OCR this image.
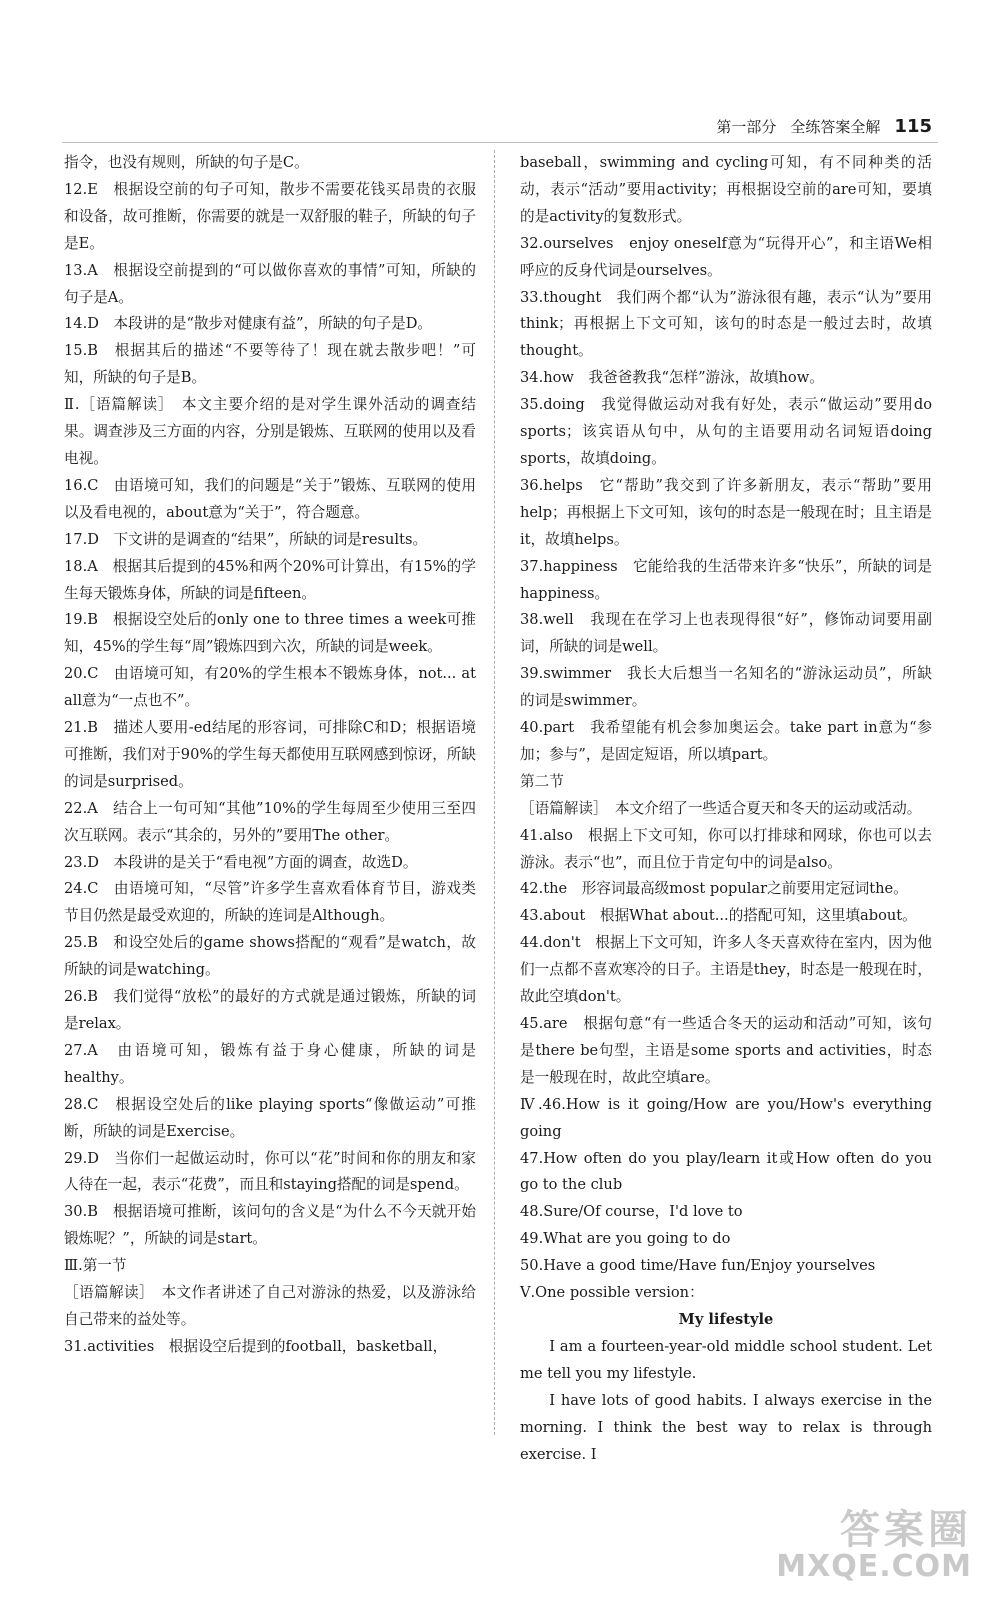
第一部分 全练答案全解 115
指令，也没有规则，所缺的句子是C。
12.E　根据设空前的句子可知，散步不需要花钱买昂贵的衣服和设备，故可推断，你需要的就是一双舒服的鞋子，所缺的句子是E。
13.A　根据设空前提到的“可以做你喜欢的事情”可知，所缺的句子是A。
14.D　本段讲的是“散步对健康有益”，所缺的句子是D。
15.B　根据其后的描述“不要等待了！现在就去散步吧！”可知，所缺的句子是B。
Ⅱ.［语篇解读］　本文主要介绍的是对学生课外活动的调查结果。调查涉及三方面的内容，分别是锻炼、互联网的使用以及看电视。
16.C　由语境可知，我们的问题是“关于”锻炼、互联网的使用以及看电视的，about意为“关于”，符合题意。
17.D　下文讲的是调查的“结果”，所缺的词是results。
18.A　根据其后提到的45%和两个20%可计算出，有15%的学生每天锻炼身体，所缺的词是fifteen。
19.B　根据设空处后的only one to three times a week可推知，45%的学生每“周”锻炼四到六次，所缺的词是week。
20.C　由语境可知，有20%的学生根本不锻炼身体，not... at all意为“一点也不”。
21.B　描述人要用-ed结尾的形容词，可排除C和D；根据语境可推断，我们对于90%的学生每天都使用互联网感到惊讶，所缺的词是surprised。
22.A　结合上一句可知“其他”10%的学生每周至少使用三至四次互联网。表示“其余的，另外的”要用The other。
23.D　本段讲的是关于“看电视”方面的调查，故选D。
24.C　由语境可知，“尽管”许多学生喜欢看体育节目，游戏类节目仍然是最受欢迎的，所缺的连词是Although。
25.B　和设空处后的game shows搭配的“观看”是watch，故所缺的词是watching。
26.B　我们觉得“放松”的最好的方式就是通过锻炼，所缺的词是relax。
27.A　由语境可知，锻炼有益于身心健康，所缺的词是healthy。
28.C　根据设空处后的like playing sports“像做运动”可推断，所缺的词是Exercise。
29.D　当你们一起做运动时，你可以“花”时间和你的朋友和家人待在一起，表示“花费”，而且和staying搭配的词是spend。
30.B　根据语境可推断，该问句的含义是“为什么不今天就开始锻炼呢？”，所缺的词是start。
Ⅲ.第一节
［语篇解读］　本文作者讲述了自己对游泳的热爱，以及游泳给自己带来的益处等。
31.activities　根据设空后提到的football，basketball，
baseball，swimming and cycling可知，有不同种类的活动，表示“活动”要用activity；再根据设空前的are可知，要填的是activity的复数形式。
32.ourselves　enjoy oneself意为“玩得开心”，和主语We相呼应的反身代词是ourselves。
33.thought　我们两个都“认为”游泳很有趣，表示“认为”要用think；再根据上下文可知，该句的时态是一般过去时，故填thought。
34.how　我爸爸教我“怎样”游泳，故填how。
35.doing　我觉得做运动对我有好处，表示“做运动”要用do sports；该宾语从句中，从句的主语要用动名词短语doing sports，故填doing。
36.helps　它“帮助”我交到了许多新朋友，表示“帮助”要用help；再根据上下文可知，该句的时态是一般现在时；且主语是it，故填helps。
37.happiness　它能给我的生活带来许多“快乐”，所缺的词是happiness。
38.well　我现在在学习上也表现得很“好”，修饰动词要用副词，所缺的词是well。
39.swimmer　我长大后想当一名知名的“游泳运动员”，所缺的词是swimmer。
40.part　我希望能有机会参加奥运会。take part in意为“参加；参与”，是固定短语，所以填part。
第二节
［语篇解读］　本文介绍了一些适合夏天和冬天的运动或活动。
41.also　根据上下文可知，你可以打排球和网球，你也可以去游泳。表示“也”，而且位于肯定句中的词是also。
42.the　形容词最高级most popular之前要用定冠词the。
43.about　根据What about...的搭配可知，这里填about。
44.don't　根据上下文可知，许多人冬天喜欢待在室内，因为他们一点都不喜欢寒冷的日子。主语是they，时态是一般现在时，故此空填don't。
45.are　根据句意“有一些适合冬天的运动和活动”可知，该句是there be句型，主语是some sports and activities，时态是一般现在时，故此空填are。
Ⅳ.46.How is it going/How are you/How's everything going
47.How often do you play/learn it或How often do you go to the club
48.Sure/Of course，I'd love to
49.What are you going to do
50.Have a good time/Have fun/Enjoy yourselves
Ⅴ.One possible version：
My lifestyle
I am a fourteen-year-old middle school student. Let me tell you my lifestyle.
I have lots of good habits. I always exercise in the morning. I think the best way to relax is through exercise. I
答案圈
MXQE.COM
